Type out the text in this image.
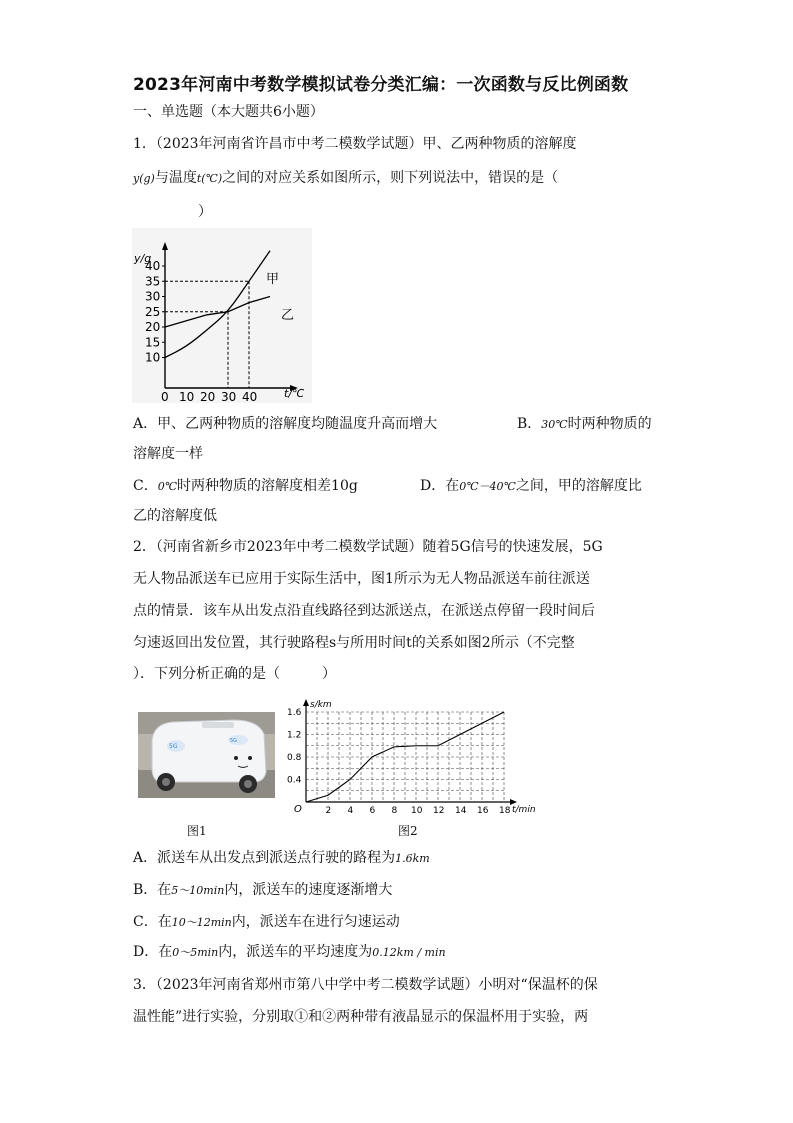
2023年河南中考数学模拟试卷分类汇编：一次函数与反比例函数
一、单选题（本大题共6小题）
1．（2023年河南省许昌市中考二模数学试题）甲、乙两种物质的溶解度
y(g)与温度t(℃)之间的对应关系如图所示，则下列说法中，错误的是（
）
40
35
30
25
20
15
10
0 10 20 30 40
y/g
t/℃
甲
乙
A．甲、乙两种物质的溶解度均随温度升高而增大	B．30℃时两种物质的
溶解度一样
C．0℃时两种物质的溶解度相差10g	D．在0℃－40℃之间，甲的溶解度比
乙的溶解度低
2．（河南省新乡市2023年中考二模数学试题）随着5G信号的快速发展，5G
无人物品派送车已应用于实际生活中，图1所示为无人物品派送车前往派送
点的情景．该车从出发点沿直线路径到达派送点，在派送点停留一段时间后
匀速返回出发位置，其行驶路程s与所用时间t的关系如图2所示（不完整
）．下列分析正确的是（　　　）
5G
5G
图1
s/km
t/min
O
1.6
1.2
0.8
0.4
2 4 6 8 10 12 14 16 18
图2
A．派送车从出发点到派送点行驶的路程为1.6km
B．在5～10min内，派送车的速度逐渐增大
C．在10～12min内，派送车在进行匀速运动
D．在0～5min内，派送车的平均速度为0.12km / min
3．（2023年河南省郑州市第八中学中考二模数学试题）小明对“保温杯的保
温性能”进行实验，分别取①和②两种带有液晶显示的保温杯用于实验，两
